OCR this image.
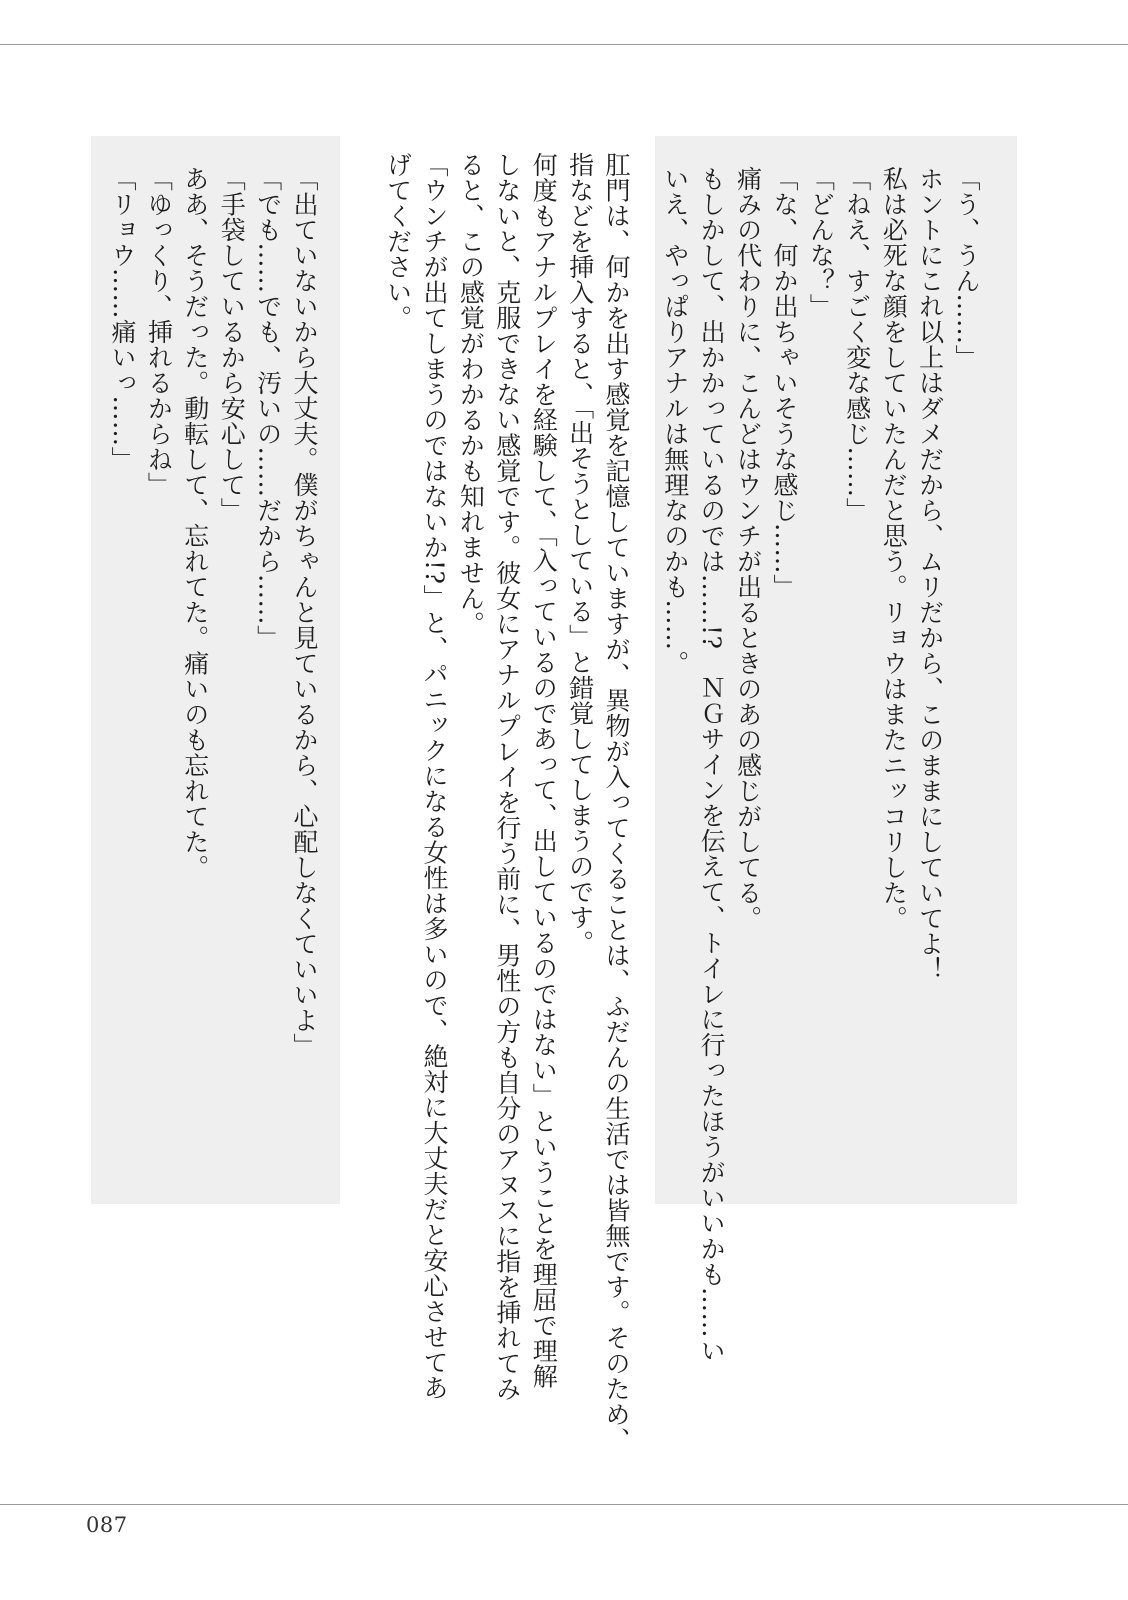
「う、うん……」
ホントにこれ以上はダメだから、ムリだから、このままにしていてよ！
私は必死な顔をしていたんだと思う。リョウはまたニッコリした。
「ねえ、すごく変な感じ……」
「どんな？」
「な、何か出ちゃいそうな感じ……」
痛みの代わりに、こんどはウンチが出るときのあの感じがしてる。
もしかして、出かかっているのでは……!?　ＮＧサインを伝えて、トイレに行ったほうがいいかも……い
いえ、やっぱりアナルは無理なのかも……。
肛門は、何かを出す感覚を記憶していますが、異物が入ってくることは、ふだんの生活では皆無です。そのため、
指などを挿入すると、「出そうとしている」と錯覚してしまうのです。
何度もアナルプレイを経験して、「入っているのであって、出しているのではない」ということを理屈で理解
しないと、克服できない感覚です。彼女にアナルプレイを行う前に、男性の方も自分のアヌスに指を挿れてみ
ると、この感覚がわかるかも知れません。
「ウンチが出てしまうのではないか!?」と、パニックになる女性は多いので、絶対に大丈夫だと安心させてあ
げてください。
「出ていないから大丈夫。僕がちゃんと見ているから、心配しなくていいよ」
「でも……でも、汚いの……だから……」
「手袋しているから安心して」
ああ、そうだった。動転して、忘れてた。痛いのも忘れてた。
「ゆっくり、挿れるからね」
「リョウ……痛いっ……」
087
